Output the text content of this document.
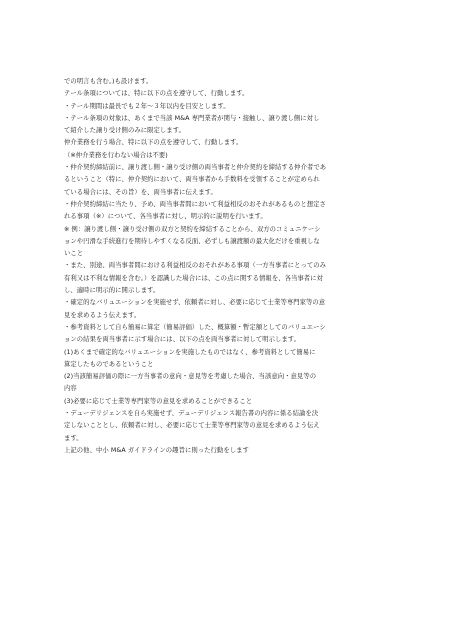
での明言も含む。)も設けます。
テール条項については、特に以下の点を遵守して、行動します。
・テール期間は最長でも２年～３年以内を目安とします。
・テール条項の対象は、あくまで当該 M&A 専門業者が関与・接触し、譲り渡し側に対し
て紹介した譲り受け側のみに限定します。
仲介業務を行う場合、特に以下の点を遵守して、行動します。
（※仲介業務を行わない場合は不要)
・仲介契約締結前に、譲り渡し側・譲り受け側の両当事者と仲介契約を締結する仲介者であ
るということ（特に、仲介契約において、両当事者から手数料を受領することが定められ
ている場合には、その旨）を、両当事者に伝えます。
・仲介契約締結に当たり、予め、両当事者間において利益相反のおそれがあるものと想定さ
れる事項（※）について、各当事者に対し、明示的に説明を行います。
※ 例：譲り渡し側・譲り受け側の双方と契約を締結することから、双方のコミュニケーシ
ョンや円滑な手続進行を期待しやすくなる反面、必ずしも譲渡額の最大化だけを重視しな
いこと
・また、別途、両当事者間における利益相反のおそれがある事項（一方当事者にとってのみ
有利又は不利な情報を含む。）を認識した場合には、この点に関する情報を、各当事者に対
し、適時に明示的に開示します。
・確定的なバリュエーションを実施せず、依頼者に対し、必要に応じて士業等専門家等の意
見を求めるよう伝えます。
・参考資料として自ら簡易に算定（簡易評価）した、概算額・暫定額としてのバリュエーシ
ョンの結果を両当事者に示す場合には、以下の点を両当事者に対して明示します。
(1)あくまで確定的なバリュエーションを実施したものではなく、参考資料として簡易に
算定したものであるということ
(2)当該簡易評価の際に一方当事者の意向・意見等を考慮した場合、当該意向・意見等の
内容
(3)必要に応じて士業等専門家等の意見を求めることができること
・デューデリジェンスを自ら実施せず、デューデリジェンス報告書の内容に係る結論を決
定しないこととし、依頼者に対し、必要に応じて士業等専門家等の意見を求めるよう伝え
ます。
上記の他、中小 M&A ガイドラインの趣旨に則った行動をします
